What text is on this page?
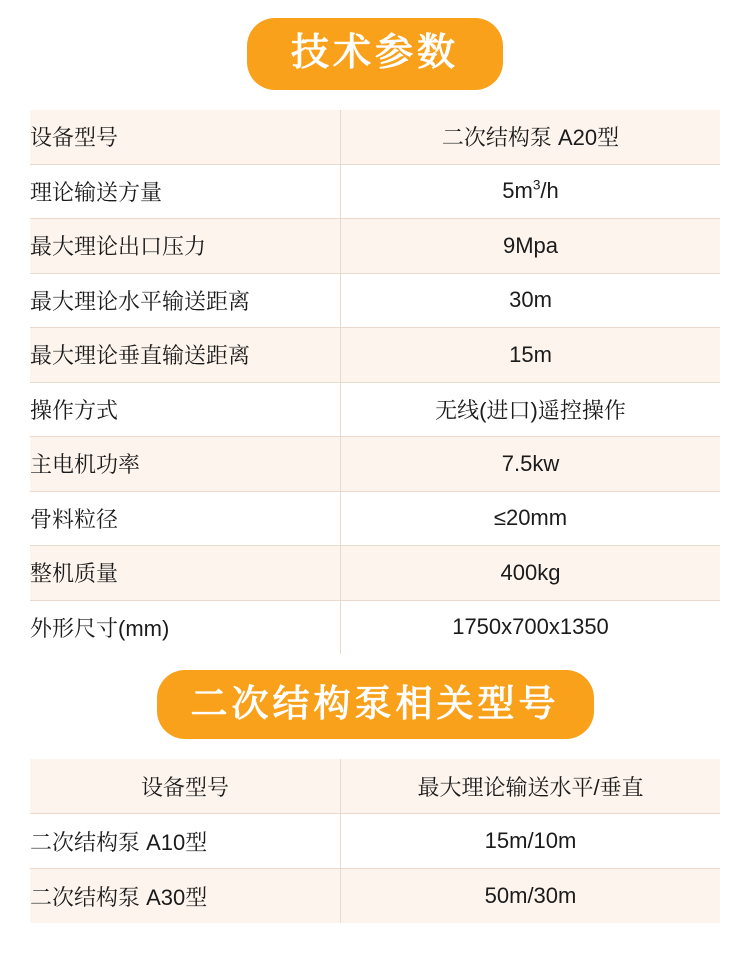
技术参数
设备型号	二次结构泵 A20型
理论输送方量	$5m^3/h$
最大理论出口压力	9Mpa
最大理论水平输送距离	30m
最大理论垂直输送距离	15m
操作方式	无线(进口)遥控操作
主电机功率	7.5kw
骨料粒径	≤20mm
整机质量	400kg
外形尺寸(mm)	1750x700x1350
二次结构泵相关型号
设备型号	最大理论输送水平/垂直
二次结构泵 A10型	15m/10m
二次结构泵 A30型	50m/30m
